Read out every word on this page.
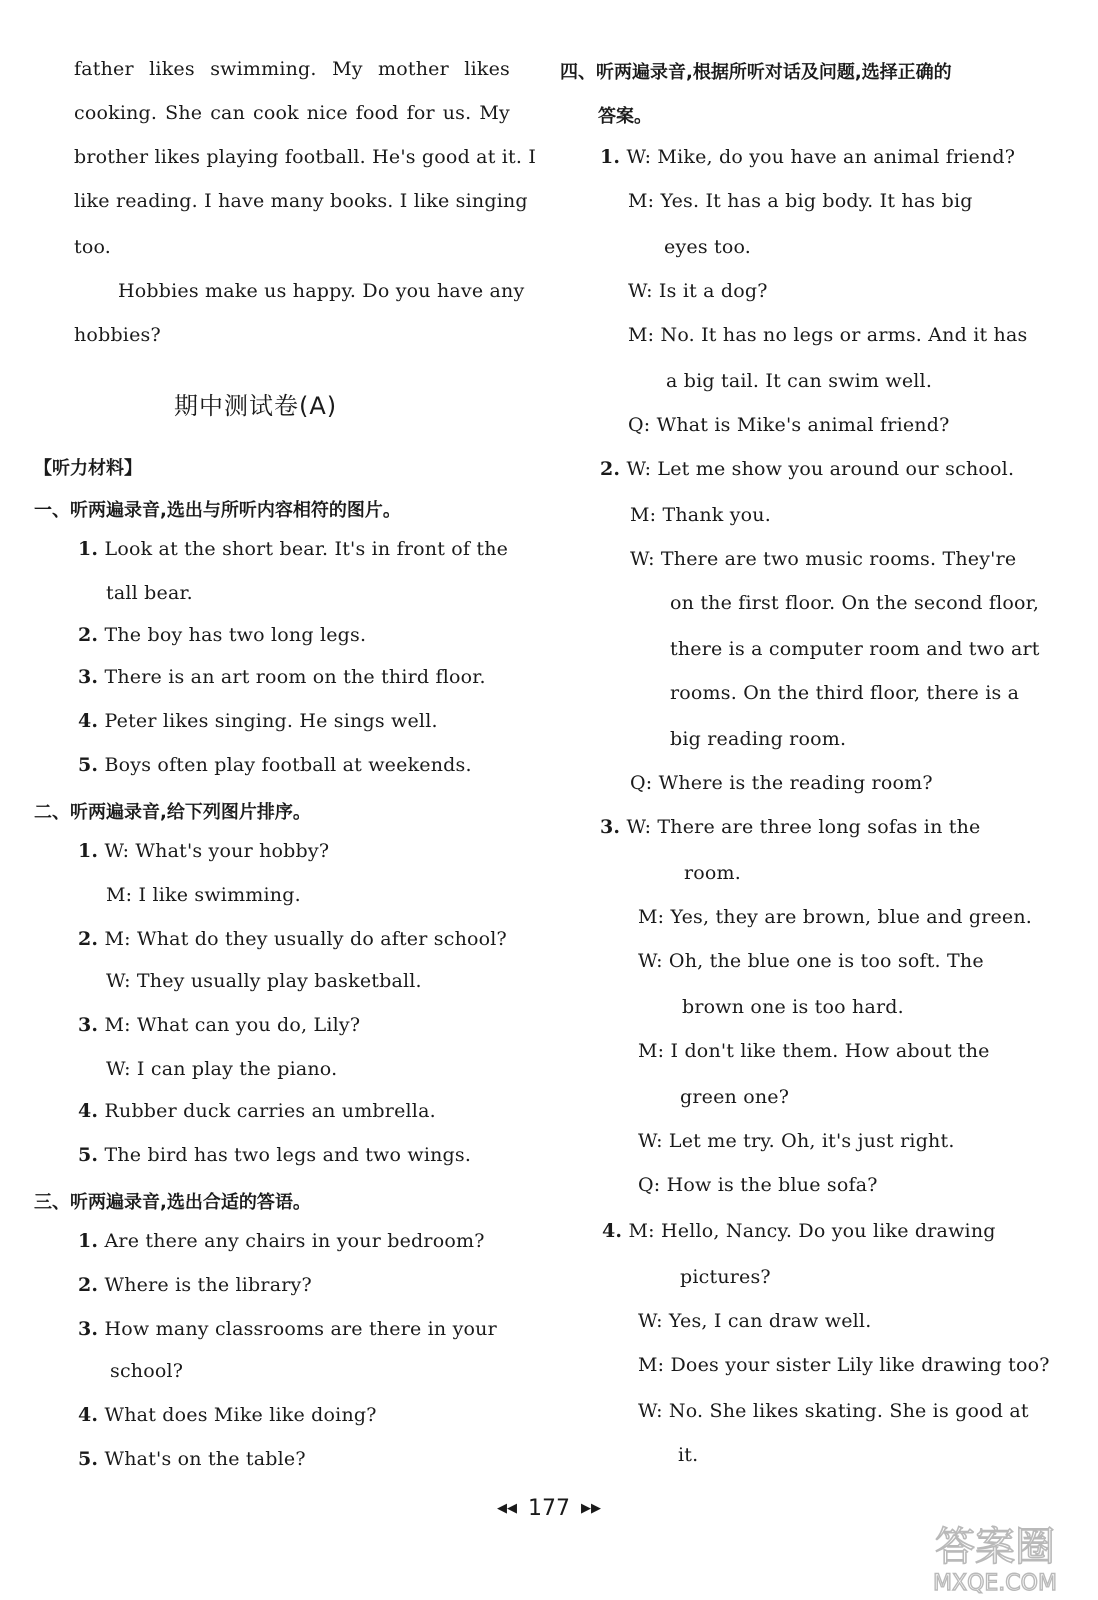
father likes swimming. My mother likes
cooking. She can cook nice food for us. My
brother likes playing football. He's good at it. I
like reading. I have many books. I like singing
too.
Hobbies make us happy. Do you have any
hobbies?
期中测试卷(A)
【听力材料】
一、听两遍录音,选出与所听内容相符的图片。
1. Look at the short bear. It's in front of the
tall bear.
2. The boy has two long legs.
3. There is an art room on the third floor.
4. Peter likes singing. He sings well.
5. Boys often play football at weekends.
二、听两遍录音,给下列图片排序。
1. W: What's your hobby?
M: I like swimming.
2. M: What do they usually do after school?
W: They usually play basketball.
3. M: What can you do, Lily?
W: I can play the piano.
4. Rubber duck carries an umbrella.
5. The bird has two legs and two wings.
三、听两遍录音,选出合适的答语。
1. Are there any chairs in your bedroom?
2. Where is the library?
3. How many classrooms are there in your
school?
4. What does Mike like doing?
5. What's on the table?
四、听两遍录音,根据所听对话及问题,选择正确的
答案。
1. W: Mike, do you have an animal friend?
M: Yes. It has a big body. It has big
eyes too.
W: Is it a dog?
M: No. It has no legs or arms. And it has
a big tail. It can swim well.
Q: What is Mike's animal friend?
2. W: Let me show you around our school.
M: Thank you.
W: There are two music rooms. They're
on the first floor. On the second floor,
there is a computer room and two art
rooms. On the third floor, there is a
big reading room.
Q: Where is the reading room?
3. W: There are three long sofas in the
room.
M: Yes, they are brown, blue and green.
W: Oh, the blue one is too soft. The
brown one is too hard.
M: I don't like them. How about the
green one?
W: Let me try. Oh, it's just right.
Q: How is the blue sofa?
4. M: Hello, Nancy. Do you like drawing
pictures?
W: Yes, I can draw well.
M: Does your sister Lily like drawing too?
W: No. She likes skating. She is good at
it.
◀◀ 177 ▶▶
答案圈
MXQE.COM
